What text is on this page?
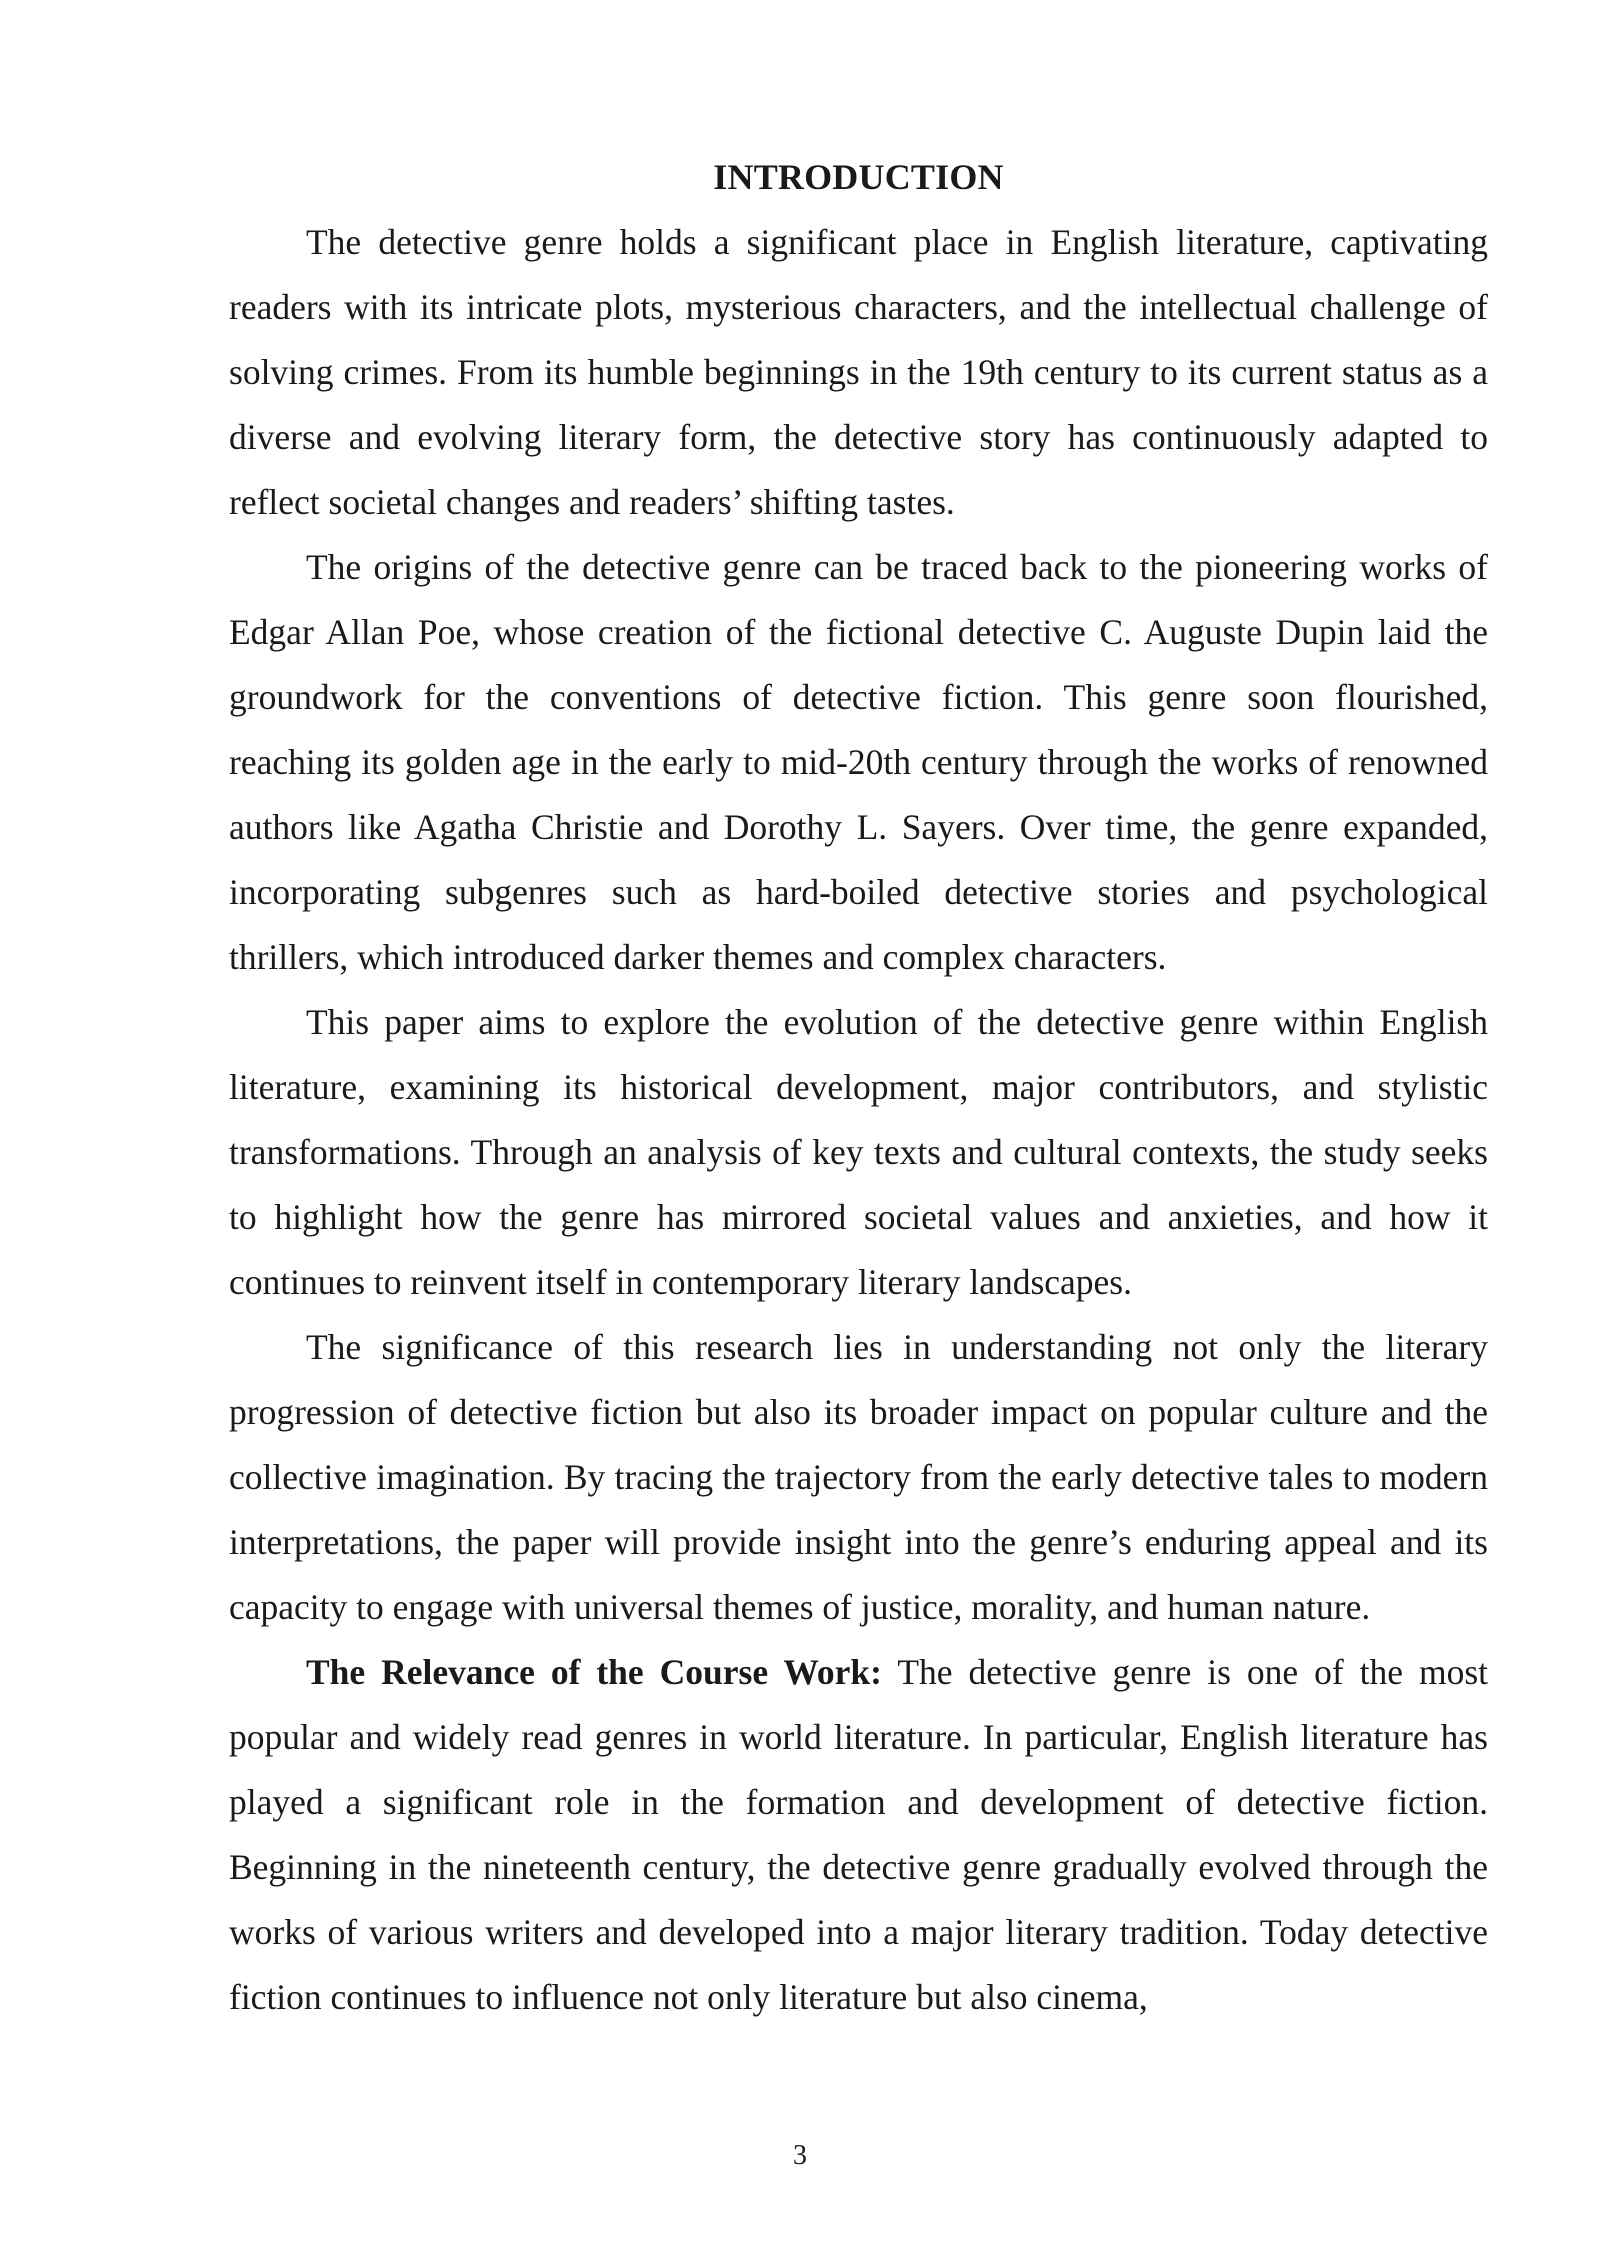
INTRODUCTION

The detective genre holds a significant place in English literature, captivating readers with its intricate plots, mysterious characters, and the intellectual challenge of solving crimes. From its humble beginnings in the 19th century to its current status as a diverse and evolving literary form, the detective story has continuously adapted to reflect societal changes and readers’ shifting tastes.

The origins of the detective genre can be traced back to the pioneering works of Edgar Allan Poe, whose creation of the fictional detective C. Auguste Dupin laid the groundwork for the conventions of detective fiction. This genre soon flourished, reaching its golden age in the early to mid-20th century through the works of renowned authors like Agatha Christie and Dorothy L. Sayers. Over time, the genre expanded, incorporating subgenres such as hard-boiled detective stories and psychological thrillers, which introduced darker themes and complex characters.

This paper aims to explore the evolution of the detective genre within English literature, examining its historical development, major contributors, and stylistic transformations. Through an analysis of key texts and cultural contexts, the study seeks to highlight how the genre has mirrored societal values and anxieties, and how it continues to reinvent itself in contemporary literary landscapes.

The significance of this research lies in understanding not only the literary progression of detective fiction but also its broader impact on popular culture and the collective imagination. By tracing the trajectory from the early detective tales to modern interpretations, the paper will provide insight into the genre’s enduring appeal and its capacity to engage with universal themes of justice, morality, and human nature.

The Relevance of the Course Work: The detective genre is one of the most popular and widely read genres in world literature. In particular, English literature has played a significant role in the formation and development of detective fiction. Beginning in the nineteenth century, the detective genre gradually evolved through the works of various writers and developed into a major literary tradition. Today detective fiction continues to influence not only literature but also cinema,

3
